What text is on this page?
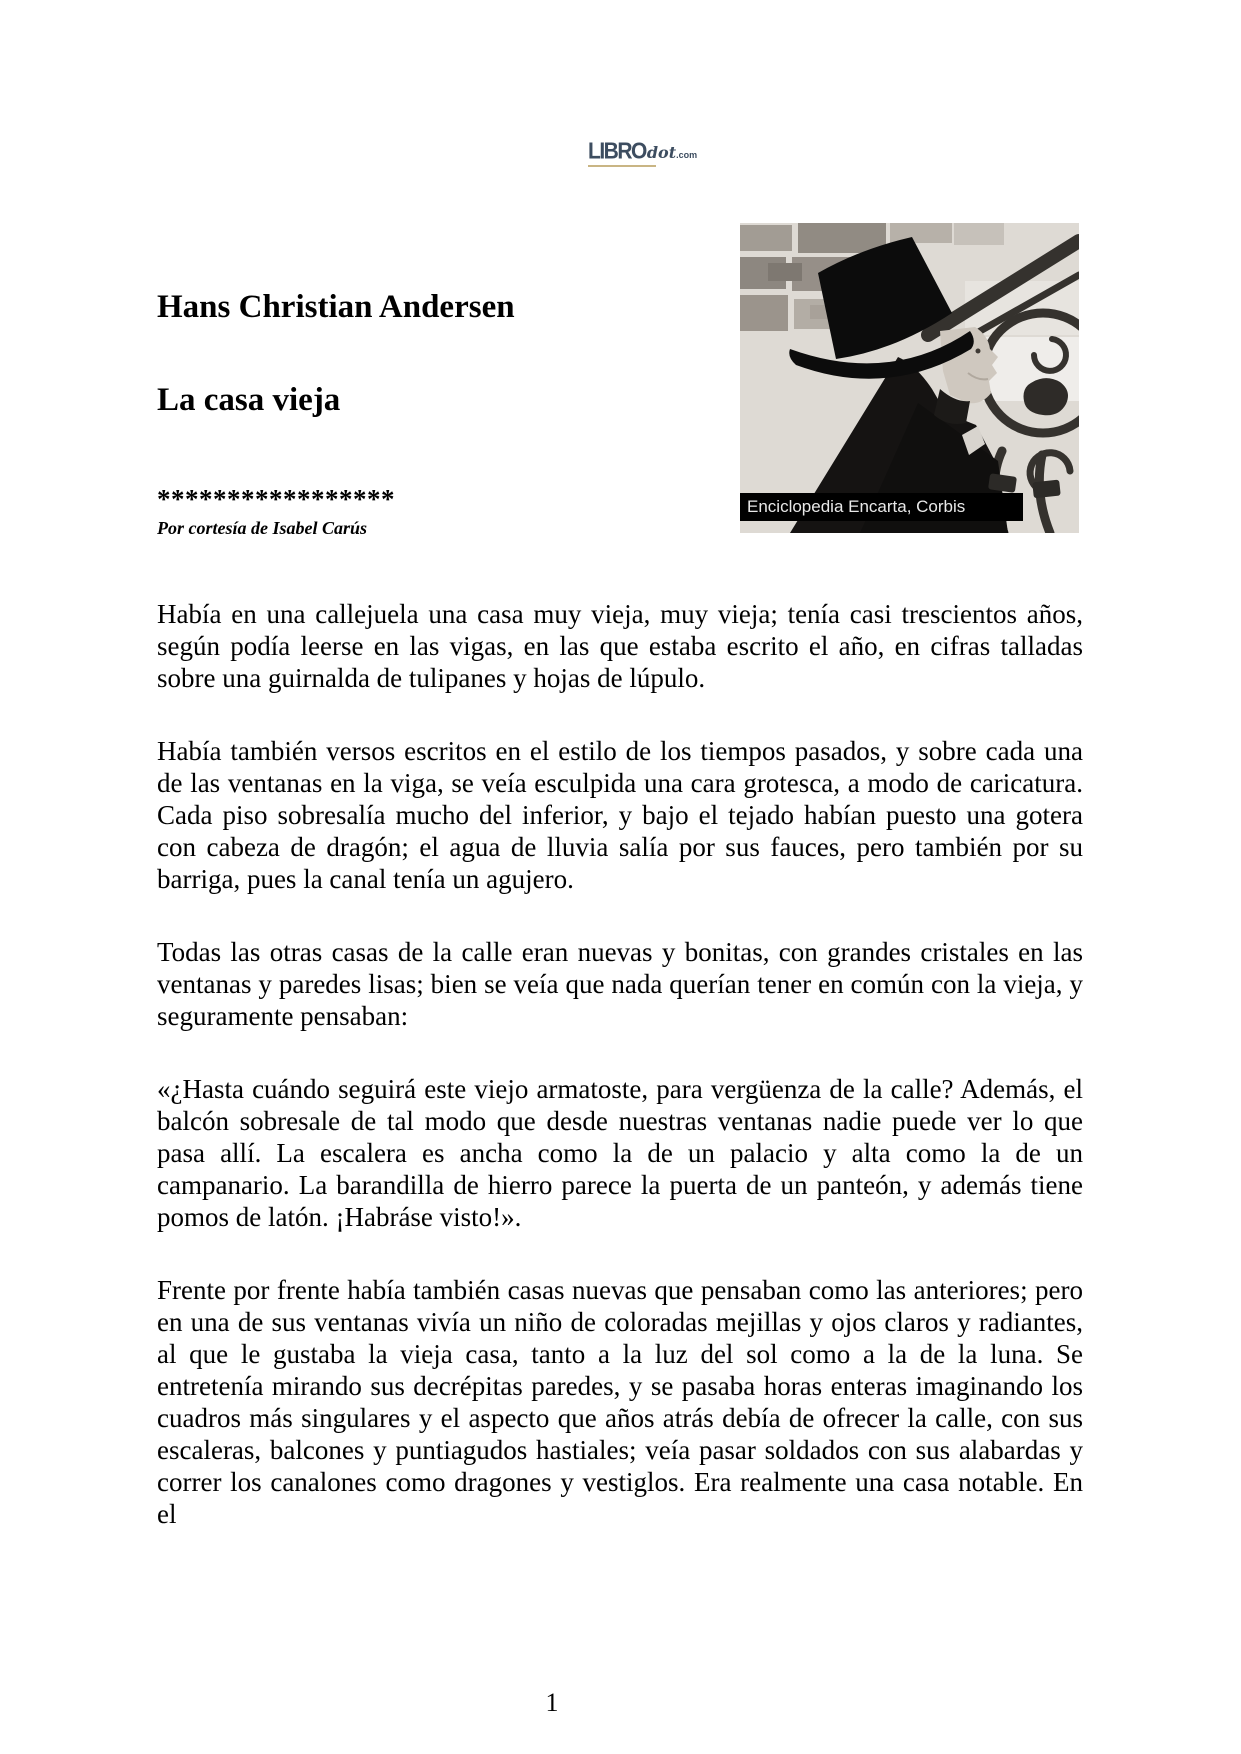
LIBROdot.com
Hans Christian Andersen
La casa vieja
*****************
Por cortesía de Isabel Carús
Enciclopedia Encarta, Corbis

Había en una callejuela una casa muy vieja, muy vieja; tenía casi trescientos años, según podía leerse en las vigas, en las que estaba escrito el año, en cifras talladas sobre una guirnalda de tulipanes y hojas de lúpulo.

Había también versos escritos en el estilo de los tiempos pasados, y sobre cada una de las ventanas en la viga, se veía esculpida una cara grotesca, a modo de caricatura. Cada piso sobresalía mucho del inferior, y bajo el tejado habían puesto una gotera con cabeza de dragón; el agua de lluvia salía por sus fauces, pero también por su barriga, pues la canal tenía un agujero.

Todas las otras casas de la calle eran nuevas y bonitas, con grandes cristales en las ventanas y paredes lisas; bien se veía que nada querían tener en común con la vieja, y seguramente pensaban:

«¿Hasta cuándo seguirá este viejo armatoste, para vergüenza de la calle? Además, el balcón sobresale de tal modo que desde nuestras ventanas nadie puede ver lo que pasa allí. La escalera es ancha como la de un palacio y alta como la de un campanario. La barandilla de hierro parece la puerta de un panteón, y además tiene pomos de latón. ¡Habráse visto!».

Frente por frente había también casas nuevas que pensaban como las anteriores; pero en una de sus ventanas vivía un niño de coloradas mejillas y ojos claros y radiantes, al que le gustaba la vieja casa, tanto a la luz del sol como a la de la luna. Se entretenía mirando sus decrépitas paredes, y se pasaba horas enteras imaginando los cuadros más singulares y el aspecto que años atrás debía de ofrecer la calle, con sus escaleras, balcones y puntiagudos hastiales; veía pasar soldados con sus alabardas y correr los canalones como dragones y vestiglos. Era realmente una casa notable. En el

1
